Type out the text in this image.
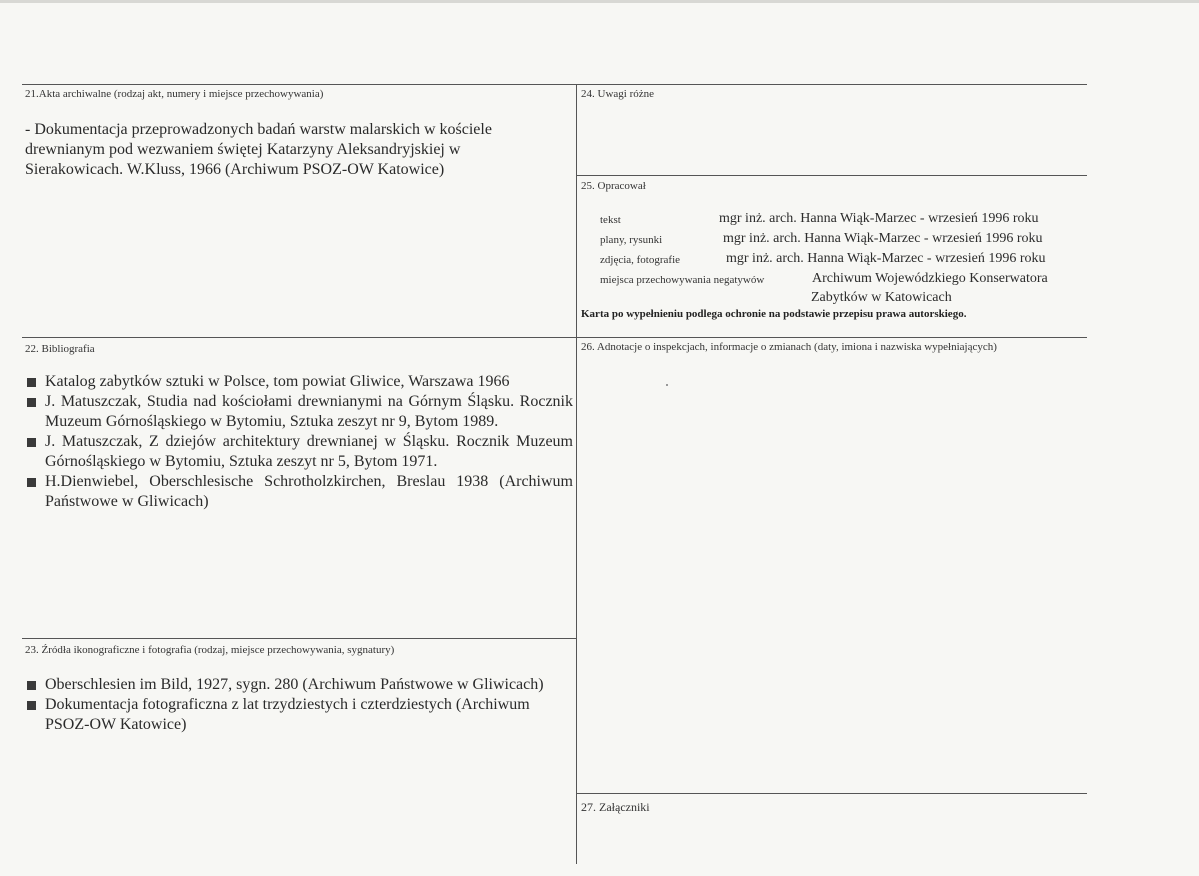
21.Akta archiwalne (rodzaj akt, numery i miejsce przechowywania)
- Dokumentacja przeprowadzonych badań warstw malarskich w kościele drewnianym pod wezwaniem świętej Katarzyny Aleksandryjskiej w Sierakowicach. W.Kluss, 1966 (Archiwum PSOZ-OW Katowice)
24. Uwagi różne
25. Opracował
tekst	mgr inż. arch. Hanna Wiąk-Marzec - wrzesień 1996 roku
plany, rysunki	mgr inż. arch. Hanna Wiąk-Marzec - wrzesień 1996 roku
zdjęcia, fotografie	mgr inż. arch. Hanna Wiąk-Marzec - wrzesień 1996 roku
miejsca przechowywania negatywów	Archiwum Wojewódzkiego Konserwatora
Zabytków w Katowicach
Karta po wypełnieniu podlega ochronie na podstawie przepisu prawa autorskiego.
22. Bibliografia
Katalog zabytków sztuki w Polsce, tom powiat Gliwice, Warszawa 1966
J. Matuszczak, Studia nad kościołami drewnianymi na Górnym Śląsku. Rocznik Muzeum Górnośląskiego w Bytomiu, Sztuka zeszyt nr 9, Bytom 1989.
J. Matuszczak, Z dziejów architektury drewnianej w Śląsku. Rocznik Muzeum Górnośląskiego w Bytomiu, Sztuka zeszyt nr 5, Bytom 1971.
H.Dienwiebel, Oberschlesische Schrotholzkirchen, Breslau 1938 (Archiwum Państwowe w Gliwicach)
26. Adnotacje o inspekcjach, informacje o zmianach (daty, imiona i nazwiska wypełniających)
23. Źródła ikonograficzne i fotografia (rodzaj, miejsce przechowywania, sygnatury)
Oberschlesien im Bild, 1927, sygn. 280 (Archiwum Państwowe w Gliwicach)
Dokumentacja fotograficzna z lat trzydziestych i czterdziestych (Archiwum PSOZ-OW Katowice)
27. Załączniki
